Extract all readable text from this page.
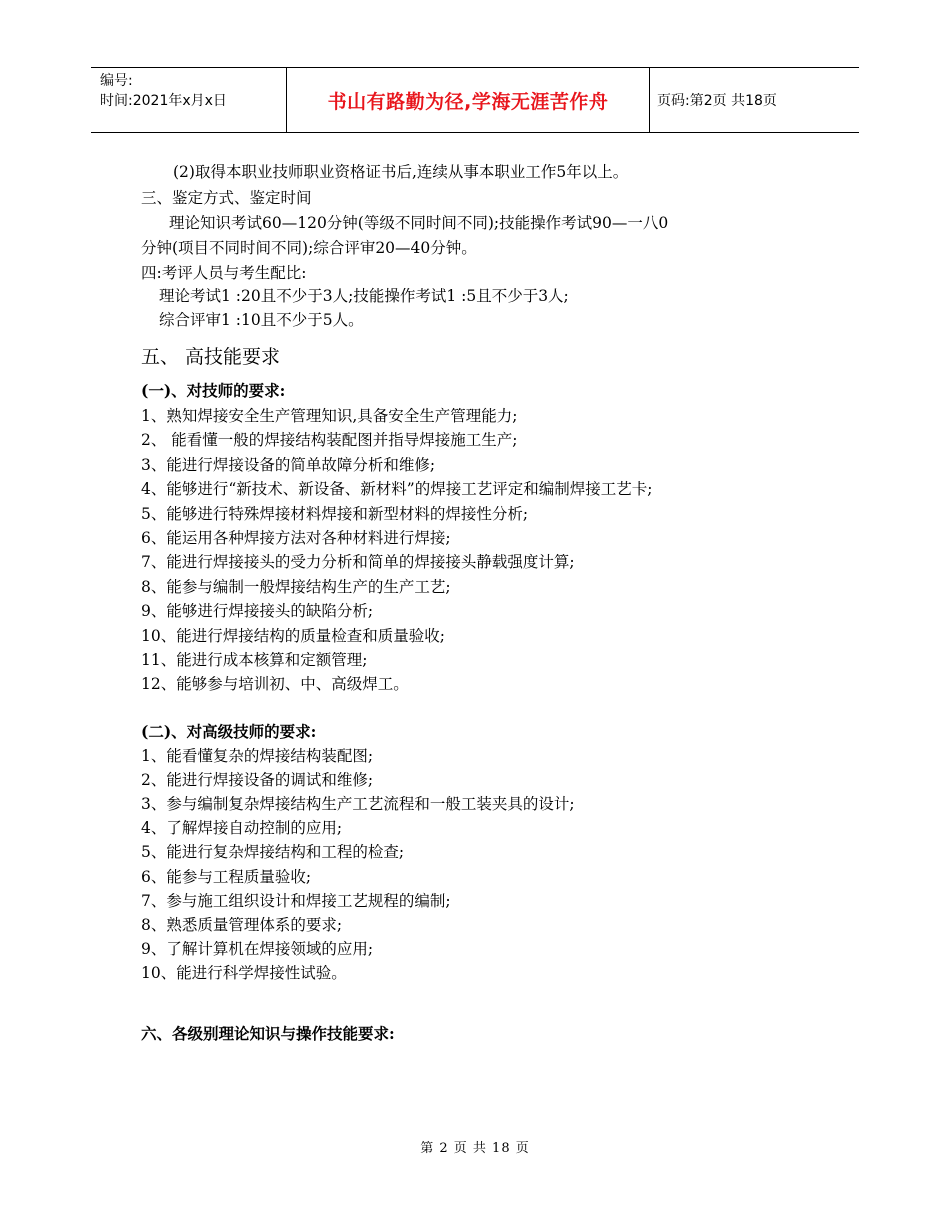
编号:
时间:2021年x月x日	书山有路勤为径,学海无涯苦作舟	页码:第2页 共18页
(2)取得本职业技师职业资格证书后,连续从事本职业工作5年以上。
三、鉴定方式、鉴定时间
理论知识考试60—120分钟(等级不同时间不同);技能操作考试90—一八0
分钟(项目不同时间不同);综合评审20—40分钟。
四:考评人员与考生配比:
理论考试1 :20且不少于3人;技能操作考试1 :5且不少于3人;
综合评审1 :10且不少于5人。
五、 高技能要求
(一)、对技师的要求:
1、熟知焊接安全生产管理知识,具备安全生产管理能力;
2、 能看懂一般的焊接结构装配图并指导焊接施工生产;
3、能进行焊接设备的简单故障分析和维修;
4、能够进行“新技术、新设备、新材料”的焊接工艺评定和编制焊接工艺卡;
5、能够进行特殊焊接材料焊接和新型材料的焊接性分析;
6、能运用各种焊接方法对各种材料进行焊接;
7、能进行焊接接头的受力分析和简单的焊接接头静载强度计算;
8、能参与编制一般焊接结构生产的生产工艺;
9、能够进行焊接接头的缺陷分析;
10、能进行焊接结构的质量检查和质量验收;
11、能进行成本核算和定额管理;
12、能够参与培训初、中、高级焊工。
(二)、对高级技师的要求:
1、能看懂复杂的焊接结构装配图;
2、能进行焊接设备的调试和维修;
3、参与编制复杂焊接结构生产工艺流程和一般工装夹具的设计;
4、了解焊接自动控制的应用;
5、能进行复杂焊接结构和工程的检查;
6、能参与工程质量验收;
7、参与施工组织设计和焊接工艺规程的编制;
8、熟悉质量管理体系的要求;
9、了解计算机在焊接领域的应用;
10、能进行科学焊接性试验。
六、各级别理论知识与操作技能要求:
第 2 页 共 18 页
